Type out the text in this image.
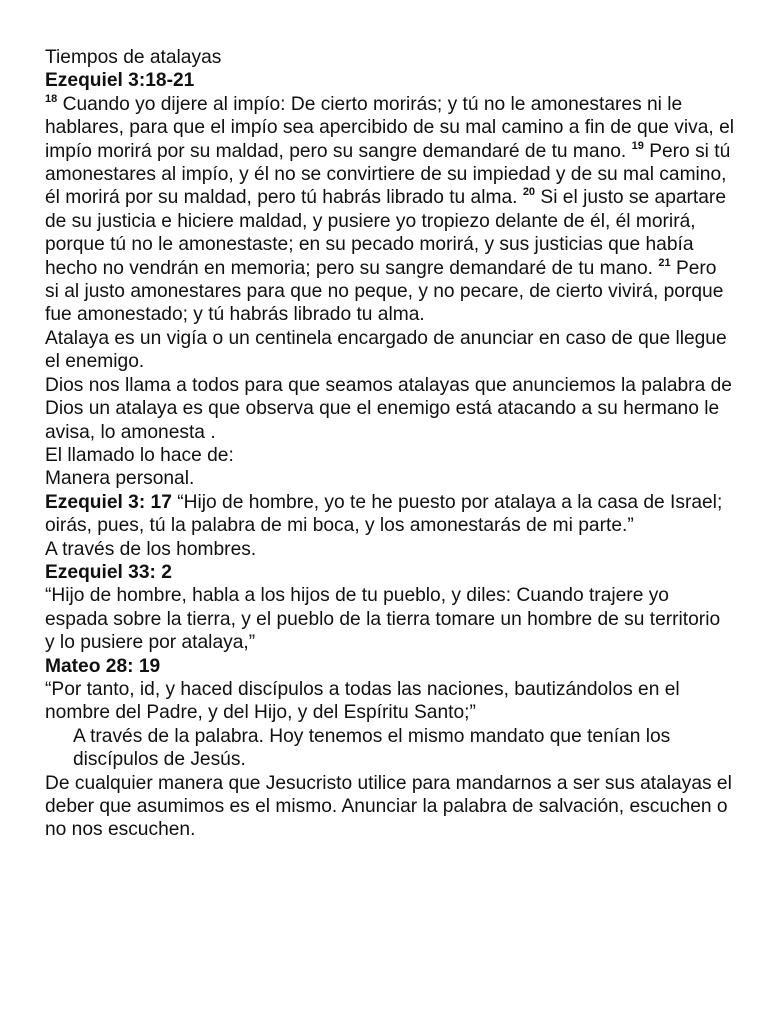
Tiempos de atalayas

Ezequiel 3:18-21

$^{18}$ Cuando yo dijere al impío: De cierto morirás; y tú no le amonestares ni le hablares, para que el impío sea apercibido de su mal camino a fin de que viva, el impío morirá por su maldad, pero su sangre demandaré de tu mano. $^{19}$ Pero si tú amonestares al impío, y él no se convirtiere de su impiedad y de su mal camino, él morirá por su maldad, pero tú habrás librado tu alma. $^{20}$ Si el justo se apartare de su justicia e hiciere maldad, y pusiere yo tropiezo delante de él, él morirá, porque tú no le amonestaste; en su pecado morirá, y sus justicias que había hecho no vendrán en memoria; pero su sangre demandaré de tu mano. $^{21}$ Pero si al justo amonestares para que no peque, y no pecare, de cierto vivirá, porque fue amonestado; y tú habrás librado tu alma.

Atalaya es un vigía o un centinela encargado de anunciar en caso de que llegue el enemigo.

Dios nos llama a todos para que seamos atalayas que anunciemos la palabra de Dios un atalaya es que observa que el enemigo está atacando a su hermano le avisa, lo amonesta .

El llamado lo hace de:

Manera personal.

Ezequiel 3: 17 “Hijo de hombre, yo te he puesto por atalaya a la casa de Israel; oirás, pues, tú la palabra de mi boca, y los amonestarás de mi parte.”

A través de los hombres.

Ezequiel 33: 2

“Hijo de hombre, habla a los hijos de tu pueblo, y diles: Cuando trajere yo espada sobre la tierra, y el pueblo de la tierra tomare un hombre de su territorio y lo pusiere por atalaya,”

Mateo 28: 19

“Por tanto, id, y haced discípulos a todas las naciones, bautizándolos en el nombre del Padre, y del Hijo, y del Espíritu Santo;”

A través de la palabra. Hoy tenemos el mismo mandato que tenían los discípulos de Jesús.

De cualquier manera que Jesucristo utilice para mandarnos a ser sus atalayas el deber que asumimos es el mismo. Anunciar la palabra de salvación, escuchen o no nos escuchen.
